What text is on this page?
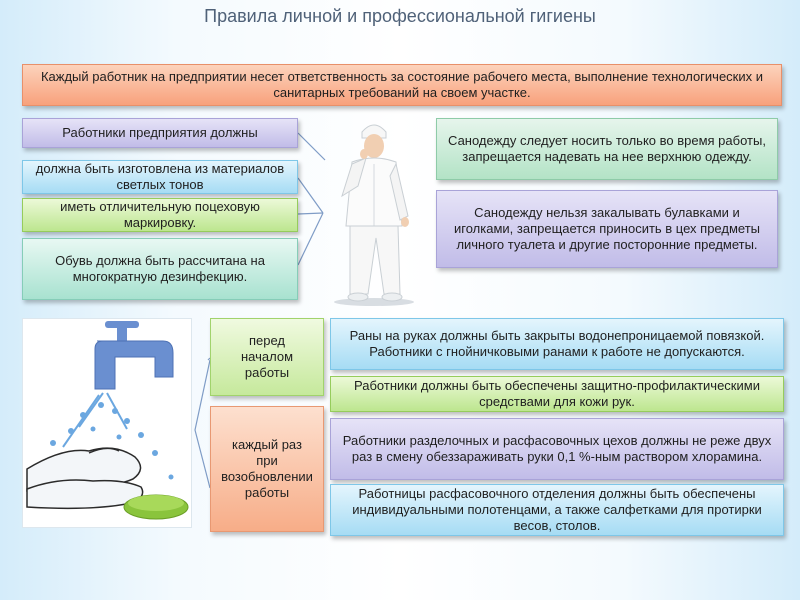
Правила личной и профессиональной гигиены
Каждый работник на предприятии несет ответственность за состояние рабочего места, выполнение технологических и санитарных требований на своем участке.
Работники предприятия должны
должна быть изготовлена из материалов светлых тонов
иметь отличительную поцеховую маркировку.
Обувь должна быть рассчитана на многократную дезинфекцию.
Санодежду следует носить только во время работы, запрещается надевать на нее верхнюю одежду.
Санодежду нельзя закалывать булавками и иголками, запрещается приносить в цех предметы личного туалета и другие посторонние предметы.
перед началом работы
каждый раз при возобновлении работы
Раны на руках должны быть закрыты водонепроницаемой повязкой. Работники с гнойничковыми ранами к работе не допускаются.
Работники должны быть обеспечены защитно-профилактическими средствами для кожи рук.
Работники разделочных и расфасовочных цехов должны не реже двух раз в смену обеззараживать руки 0,1 %-ным раствором хлорамина.
Работницы расфасовочного отделения должны быть обеспечены индивидуальными полотенцами, а также салфетками для протирки весов, столов.
